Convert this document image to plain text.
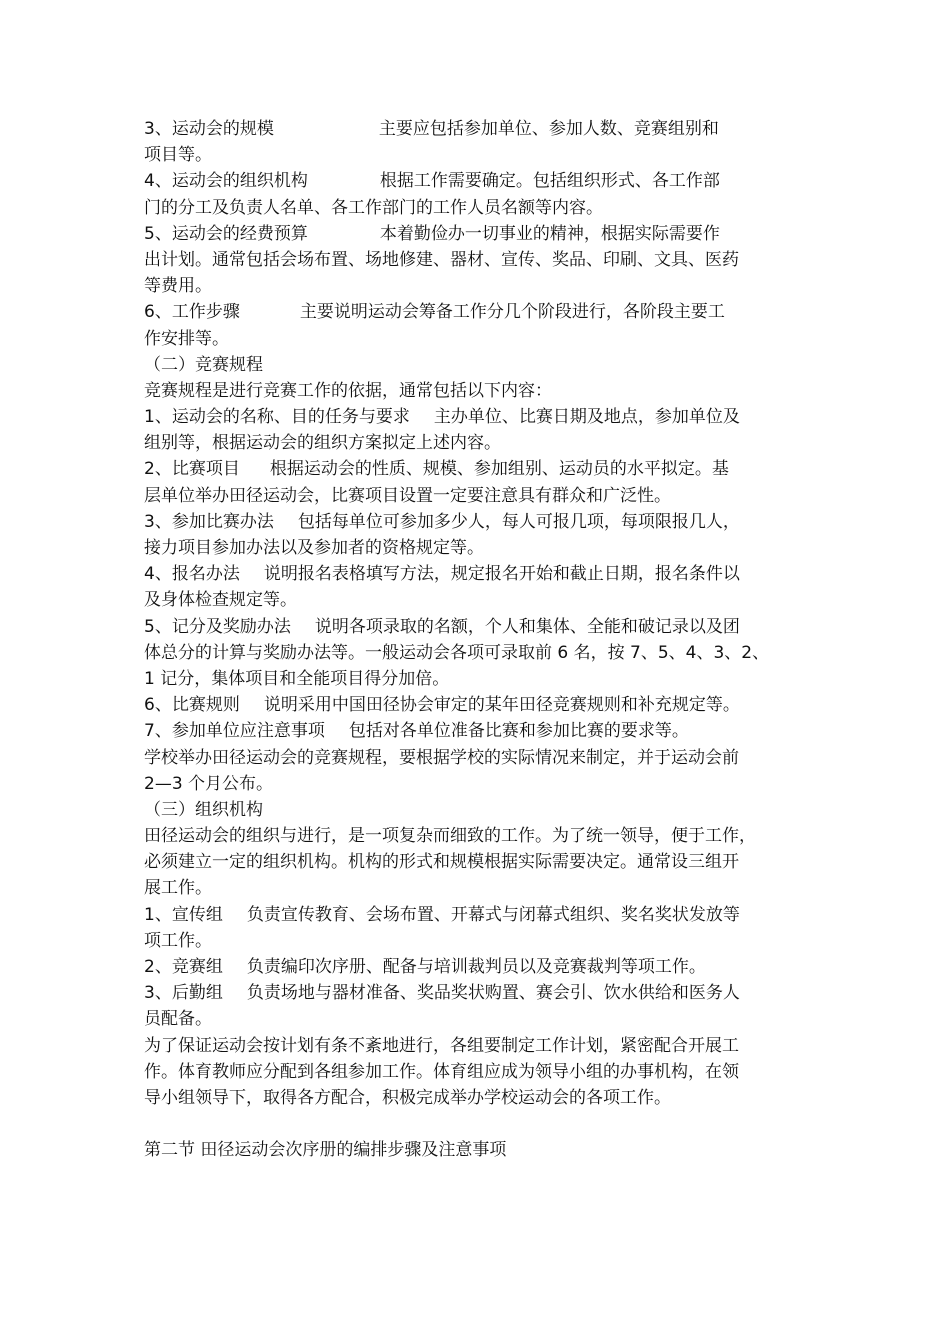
3、运动会的规模	主要应包括参加单位、参加人数、竞赛组别和
项目等。
4、运动会的组织机构	根据工作需要确定。包括组织形式、各工作部
门的分工及负责人名单、各工作部门的工作人员名额等内容。
5、运动会的经费预算	本着勤俭办一切事业的精神，根据实际需要作
出计划。通常包括会场布置、场地修建、器材、宣传、奖品、印刷、文具、医药
等费用。
6、工作步骤	主要说明运动会筹备工作分几个阶段进行，各阶段主要工
作安排等。
（二）竞赛规程
竞赛规程是进行竞赛工作的依据，通常包括以下内容：
1、运动会的名称、目的任务与要求 主办单位、比赛日期及地点，参加单位及
组别等，根据运动会的组织方案拟定上述内容。
2、比赛项目 根据运动会的性质、规模、参加组别、运动员的水平拟定。基
层单位举办田径运动会，比赛项目设置一定要注意具有群众和广泛性。
3、参加比赛办法 包括每单位可参加多少人，每人可报几项，每项限报几人，
接力项目参加办法以及参加者的资格规定等。
4、报名办法 说明报名表格填写方法，规定报名开始和截止日期，报名条件以
及身体检查规定等。
5、记分及奖励办法 说明各项录取的名额，个人和集体、全能和破记录以及团
体总分的计算与奖励办法等。一般运动会各项可录取前 6 名，按 7、5、4、3、2、
1 记分，集体项目和全能项目得分加倍。
6、比赛规则 说明采用中国田径协会审定的某年田径竞赛规则和补充规定等。
7、参加单位应注意事项 包括对各单位准备比赛和参加比赛的要求等。
学校举办田径运动会的竞赛规程，要根据学校的实际情况来制定，并于运动会前
2—3 个月公布。
（三）组织机构
田径运动会的组织与进行，是一项复杂而细致的工作。为了统一领导，便于工作，
必须建立一定的组织机构。机构的形式和规模根据实际需要决定。通常设三组开
展工作。
1、宣传组 负责宣传教育、会场布置、开幕式与闭幕式组织、奖名奖状发放等
项工作。
2、竞赛组 负责编印次序册、配备与培训裁判员以及竞赛裁判等项工作。
3、后勤组 负责场地与器材准备、奖品奖状购置、赛会引、饮水供给和医务人
员配备。
为了保证运动会按计划有条不紊地进行，各组要制定工作计划，紧密配合开展工
作。体育教师应分配到各组参加工作。体育组应成为领导小组的办事机构，在领
导小组领导下，取得各方配合，积极完成举办学校运动会的各项工作。
第二节 田径运动会次序册的编排步骤及注意事项
